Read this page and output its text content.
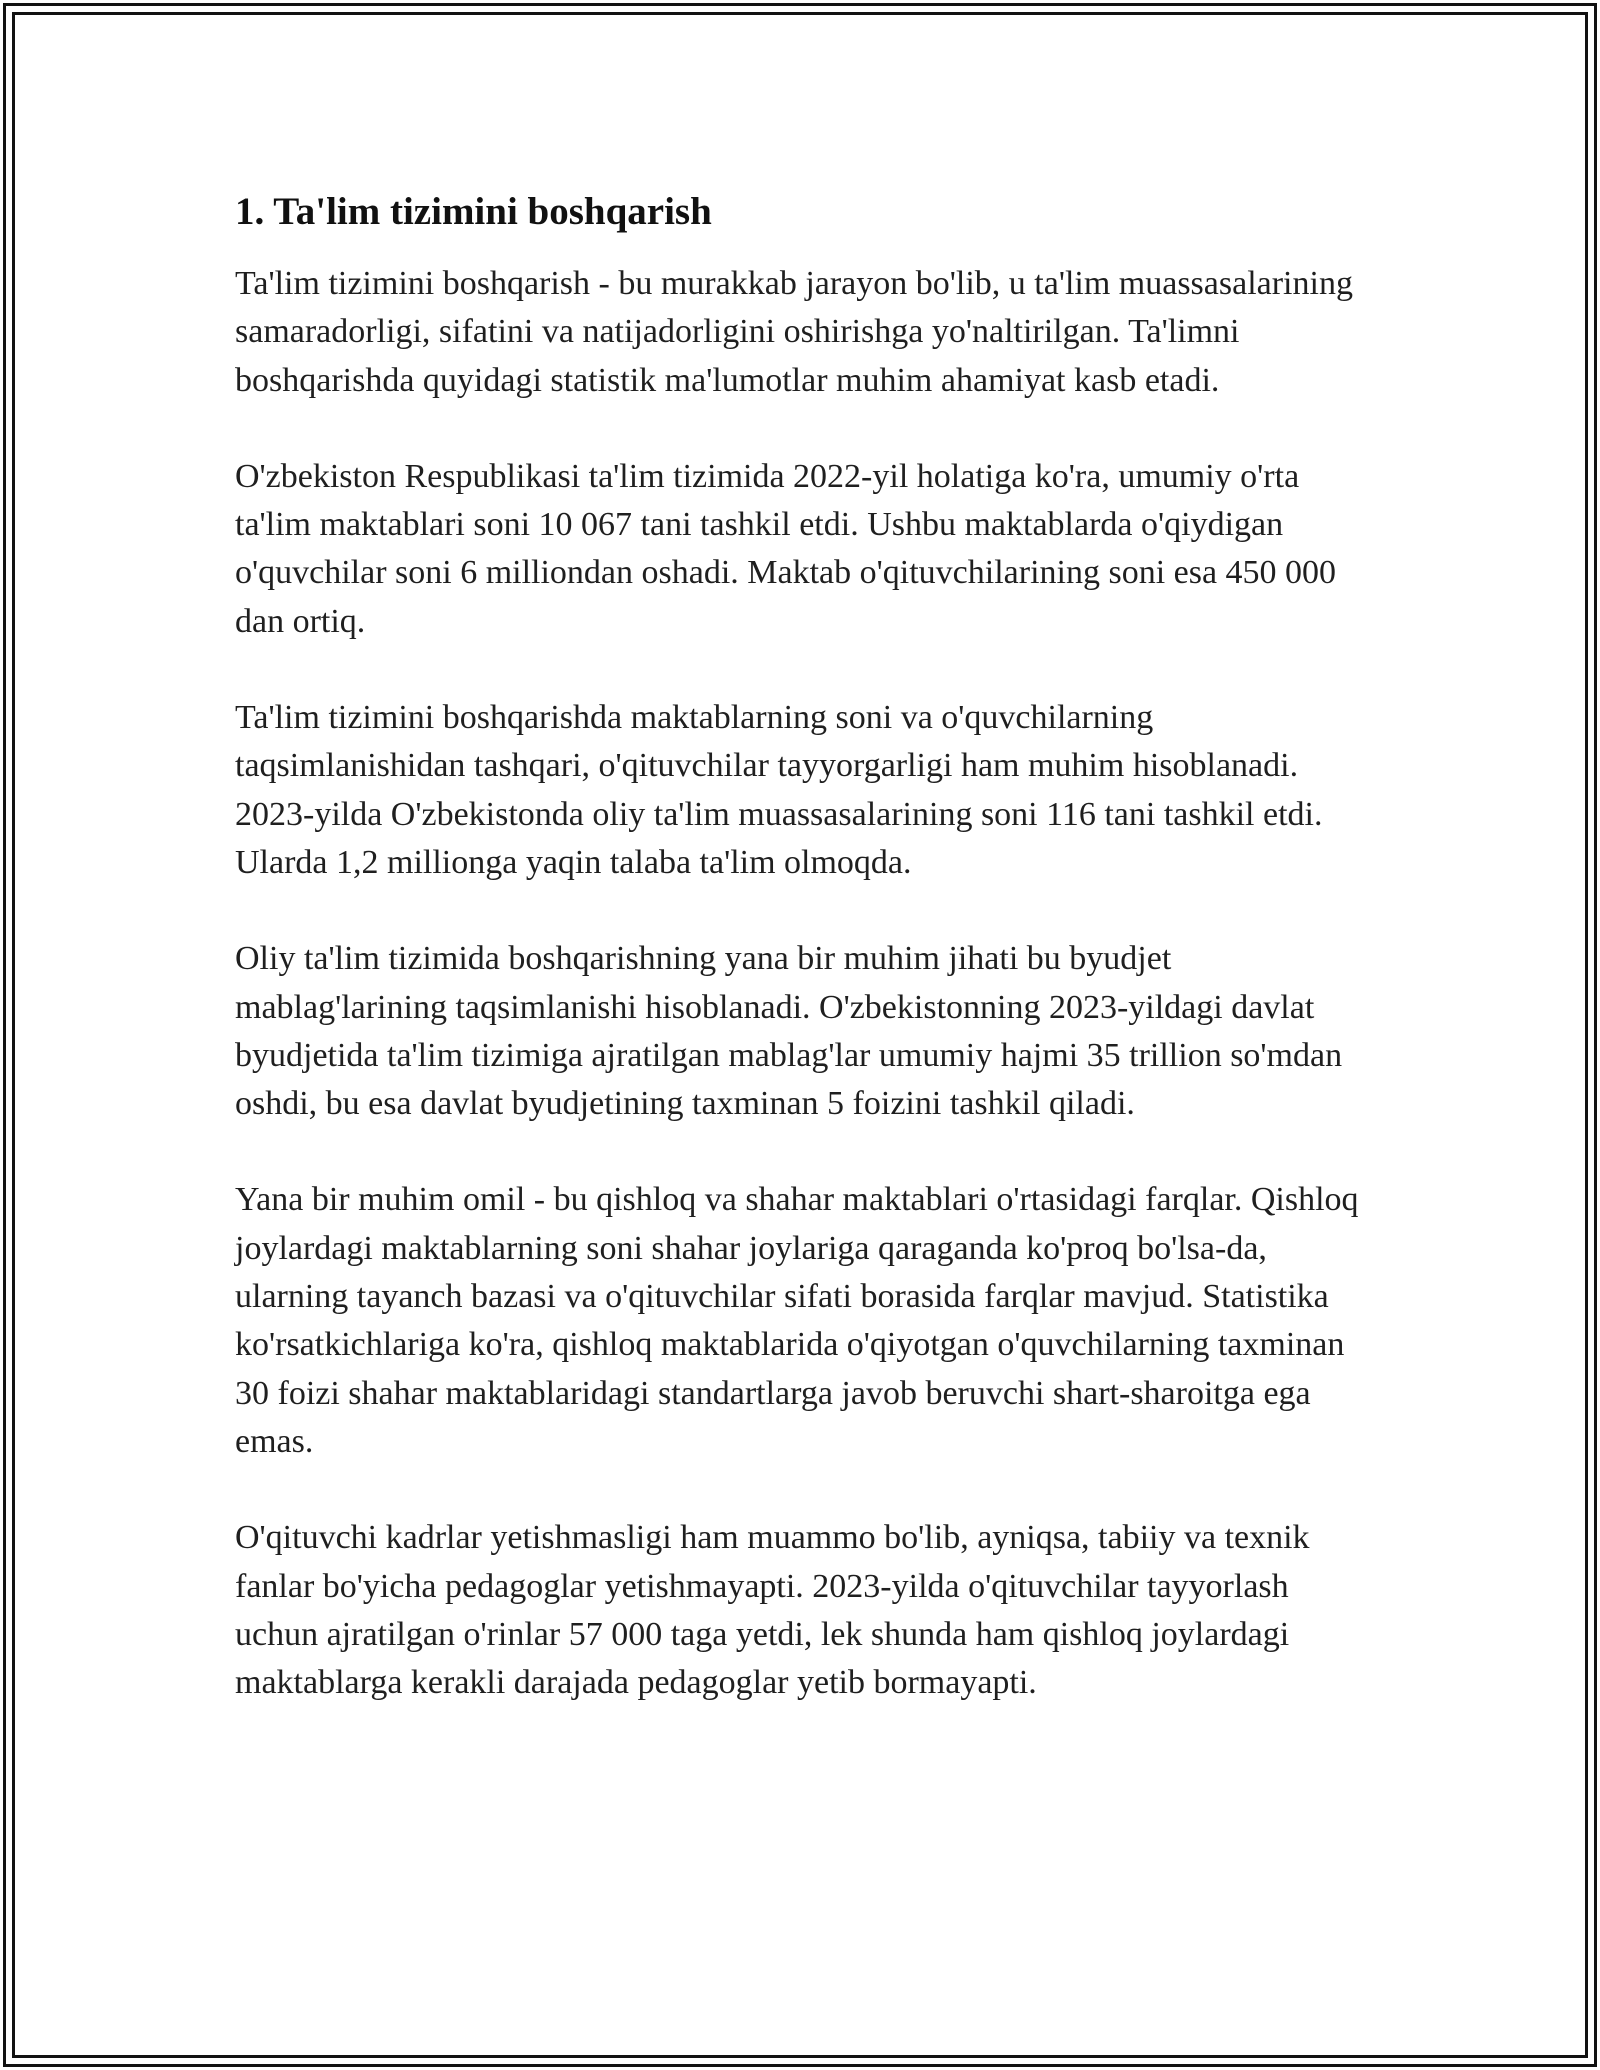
1. Ta'lim tizimini boshqarish

Ta'lim tizimini boshqarish - bu murakkab jarayon bo'lib, u ta'lim muassasalarining samaradorligi, sifatini va natijadorligini oshirishga yo'naltirilgan. Ta'limni boshqarishda quyidagi statistik ma'lumotlar muhim ahamiyat kasb etadi.

O'zbekiston Respublikasi ta'lim tizimida 2022-yil holatiga ko'ra, umumiy o'rta ta'lim maktablari soni 10 067 tani tashkil etdi. Ushbu maktablarda o'qiydigan o'quvchilar soni 6 milliondan oshadi. Maktab o'qituvchilarining soni esa 450 000 dan ortiq.

Ta'lim tizimini boshqarishda maktablarning soni va o'quvchilarning taqsimlanishidan tashqari, o'qituvchilar tayyorgarligi ham muhim hisoblanadi. 2023-yilda O'zbekistonda oliy ta'lim muassasalarining soni 116 tani tashkil etdi. Ularda 1,2 millionga yaqin talaba ta'lim olmoqda.

Oliy ta'lim tizimida boshqarishning yana bir muhim jihati bu byudjet mablag'larining taqsimlanishi hisoblanadi. O'zbekistonning 2023-yildagi davlat byudjetida ta'lim tizimiga ajratilgan mablag'lar umumiy hajmi 35 trillion so'mdan oshdi, bu esa davlat byudjetining taxminan 5 foizini tashkil qiladi.

Yana bir muhim omil - bu qishloq va shahar maktablari o'rtasidagi farqlar. Qishloq joylardagi maktablarning soni shahar joylariga qaraganda ko'proq bo'lsa-da, ularning tayanch bazasi va o'qituvchilar sifati borasida farqlar mavjud. Statistika ko'rsatkichlariga ko'ra, qishloq maktablarida o'qiyotgan o'quvchilarning taxminan 30 foizi shahar maktablaridagi standartlarga javob beruvchi shart-sharoitga ega emas.

O'qituvchi kadrlar yetishmasligi ham muammo bo'lib, ayniqsa, tabiiy va texnik fanlar bo'yicha pedagoglar yetishmayapti. 2023-yilda o'qituvchilar tayyorlash uchun ajratilgan o'rinlar 57 000 taga yetdi, lek shunda ham qishloq joylardagi maktablarga kerakli darajada pedagoglar yetib bormayapti.
